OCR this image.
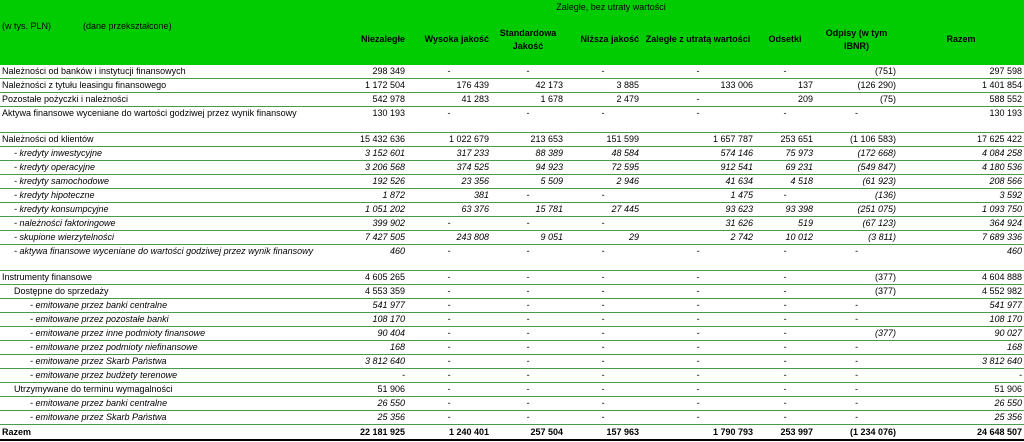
		Zaległe, bez utraty wartości						
(w tys. PLN) (dane przekształcone)	Niezaległe	Wysoka jakość	Standardowa Jakość	Niższa jakość	Zaległe z utratą wartości	Odsetki	Odpisy (w tym IBNR)	Razem
Należności od banków i instytucji finansowych	298 349	-	-	-	-	-	(751)	297 598
Należności z tytułu leasingu finansowego	1 172 504	176 439	42 173	3 885	133 006	137	(126 290)	1 401 854
Pozostałe pożyczki i należności	542 978	41 283	1 678	2 479	-	209	(75)	588 552
Aktywa finansowe wyceniane do wartości godziwej przez wynik finansowy	130 193	-	-	-	-	-	-	130 193
Należności od klientów	15 432 636	1 022 679	213 653	151 599	1 657 787	253 651	(1 106 583)	17 625 422
- kredyty inwestycyjne	3 152 601	317 233	88 389	48 584	574 146	75 973	(172 668)	4 084 258
- kredyty operacyjne	3 206 568	374 525	94 923	72 595	912 541	69 231	(549 847)	4 180 536
- kredyty samochodowe	192 526	23 356	5 509	2 946	41 634	4 518	(61 923)	208 566
- kredyty hipoteczne	1 872	381	-	-	1 475	-	(136)	3 592
- kredyty konsumpcyjne	1 051 202	63 376	15 781	27 445	93 623	93 398	(251 075)	1 093 750
- należności faktoringowe	399 902	-	-	-	31 626	519	(67 123)	364 924
- skupione wierzytelności	7 427 505	243 808	9 051	29	2 742	10 012	(3 811)	7 689 336
- aktywa finansowe wyceniane do wartości godziwej przez wynik finansowy	460	-	-	-	-	-	-	460
Instrumenty finansowe	4 605 265	-	-	-	-	-	(377)	4 604 888
Dostępne do sprzedaży	4 553 359	-	-	-	-	-	(377)	4 552 982
- emitowane przez banki centralne	541 977	-	-	-	-	-	-	541 977
- emitowane przez pozostałe banki	108 170	-	-	-	-	-	-	108 170
- emitowane przez inne podmioty finansowe	90 404	-	-	-	-	-	(377)	90 027
- emitowane przez podmioty niefinansowe	168	-	-	-	-	-	-	168
- emitowane przez Skarb Państwa	3 812 640	-	-	-	-	-	-	3 812 640
- emitowane przez budżety terenowe	-	-	-	-	-	-	-	-
Utrzymywane do terminu wymagalności	51 906	-	-	-	-	-	-	51 906
- emitowane przez banki centralne	26 550	-	-	-	-	-	-	26 550
- emitowane przez Skarb Państwa	25 356	-	-	-	-	-	-	25 356
Razem	22 181 925	1 240 401	257 504	157 963	1 790 793	253 997	(1 234 076)	24 648 507
